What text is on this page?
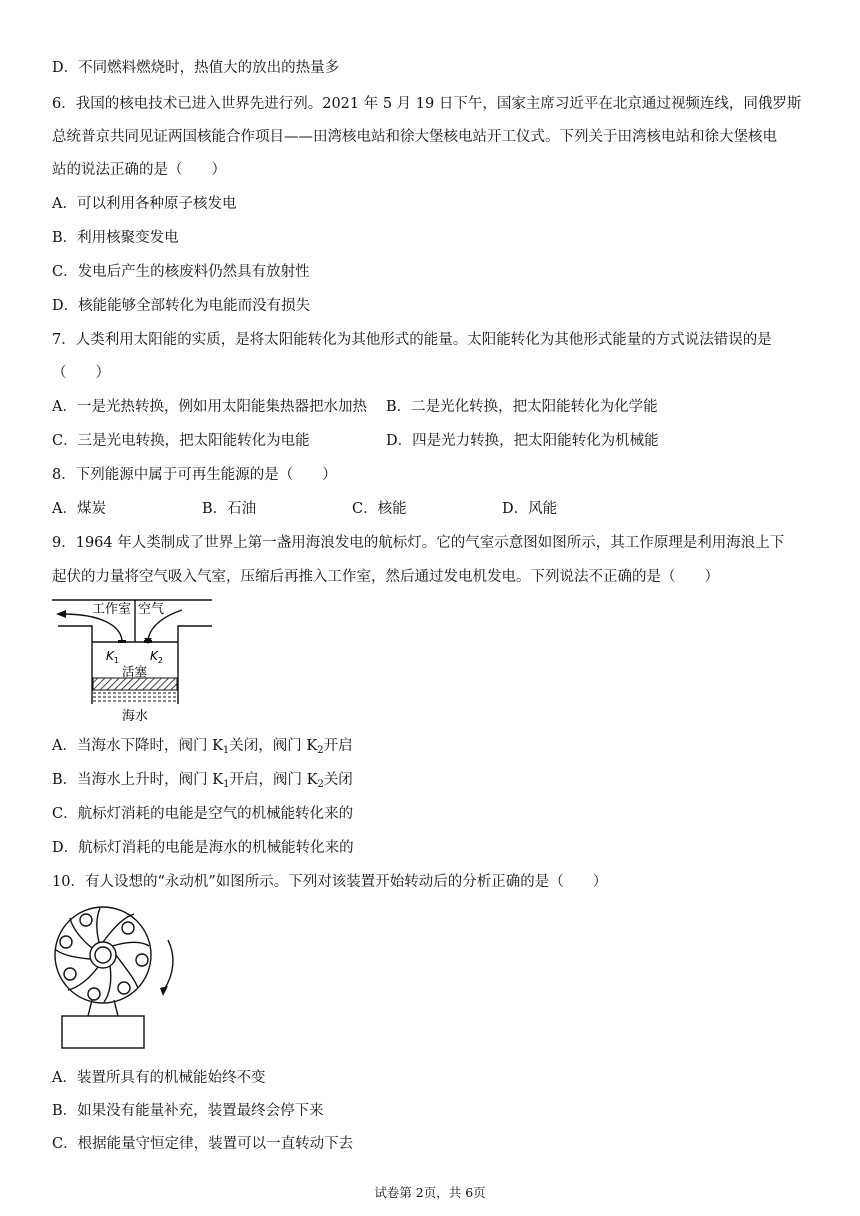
D．不同燃料燃烧时，热值大的放出的热量多
6．我国的核电技术已进入世界先进行列。2021 年 5 月 19 日下午，国家主席习近平在北京通过视频连线，同俄罗斯
总统普京共同见证两国核能合作项目——田湾核电站和徐大堡核电站开工仪式。下列关于田湾核电站和徐大堡核电
站的说法正确的是（　　）
A．可以利用各种原子核发电
B．利用核聚变发电
C．发电后产生的核废料仍然具有放射性
D．核能能够全部转化为电能而没有损失
7．人类利用太阳能的实质，是将太阳能转化为其他形式的能量。太阳能转化为其他形式能量的方式说法错误的是
（　　）
A．一是光热转换，例如用太阳能集热器把水加热 B．二是光化转换，把太阳能转化为化学能
C．三是光电转换，把太阳能转化为电能	D．四是光力转换，把太阳能转化为机械能
8．下列能源中属于可再生能源的是（　　）
A．煤炭	B．石油	C．核能	D．风能
9．1964 年人类制成了世界上第一盏用海浪发电的航标灯。它的气室示意图如图所示，其工作原理是利用海浪上下
起伏的力量将空气吸入气室，压缩后再推入工作室，然后通过发电机发电。下列说法不正确的是（　　）
工作室 空气
$K_1$	$K_2$
活塞
海水
A．当海水下降时，阀门 $K_1$关闭，阀门 $K_2$开启
B．当海水上升时，阀门 $K_1$开启，阀门 $K_2$关闭
C．航标灯消耗的电能是空气的机械能转化来的
D．航标灯消耗的电能是海水的机械能转化来的
10．有人设想的“永动机”如图所示。下列对该装置开始转动后的分析正确的是（　　）
A．装置所具有的机械能始终不变
B．如果没有能量补充，装置最终会停下来
C．根据能量守恒定律，装置可以一直转动下去
试卷第 2页，共 6页
